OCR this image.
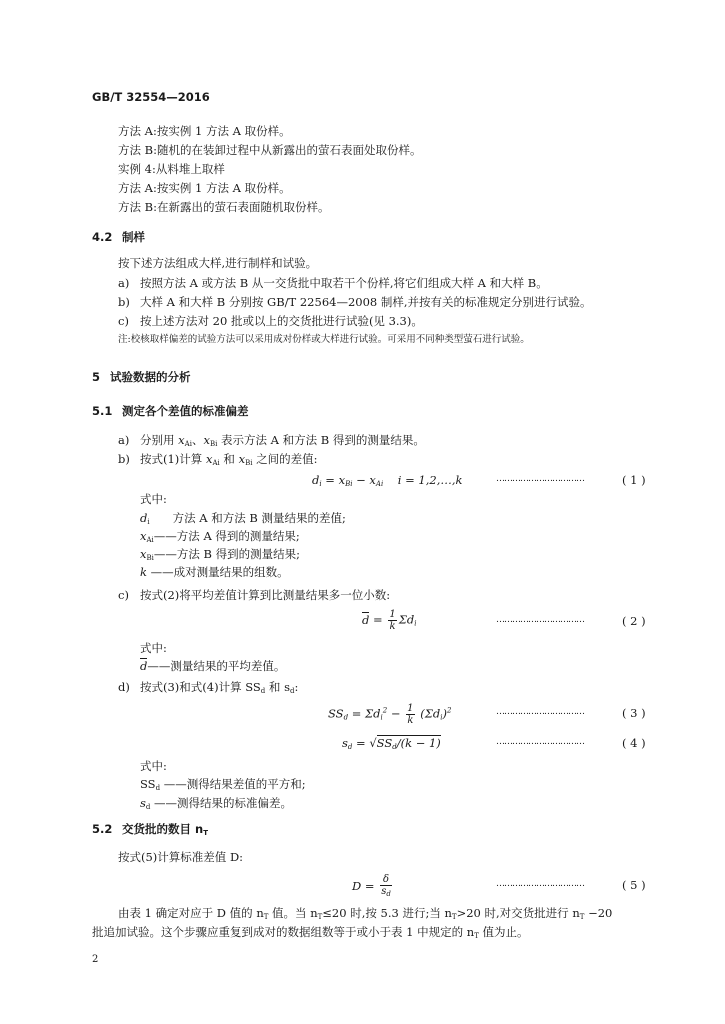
GB/T 32554—2016
方法 A:按实例 1 方法 A 取份样。
方法 B:随机的在装卸过程中从新露出的萤石表面处取份样。
实例 4:从料堆上取样
方法 A:按实例 1 方法 A 取份样。
方法 B:在新露出的萤石表面随机取份样。
4.2 制样
按下述方法组成大样,进行制样和试验。
a) 按照方法 A 或方法 B 从一交货批中取若干个份样,将它们组成大样 A 和大样 B。
b) 大样 A 和大样 B 分别按 GB/T 22564—2008 制样,并按有关的标准规定分别进行试验。
c) 按上述方法对 20 批或以上的交货批进行试验(见 3.3)。
注:校核取样偏差的试验方法可以采用成对份样或大样进行试验。可采用不同种类型萤石进行试验。
5 试验数据的分析
5.1 测定各个差值的标准偏差
a) 分别用 $x_{Ai}$、$x_{Bi}$ 表示方法 A 和方法 B 得到的测量结果。
b) 按式(1)计算 $x_{Ai}$ 和 $x_{Bi}$ 之间的差值:
$d_i = x_{Bi} - x_{Ai}$    i = 1,2,…,k	……………………………	( 1 )
式中:
$d_i$　　 方法 A 和方法 B 测量结果的差值;
$x_{Ai}——$方法 A 得到的测量结果;
$x_{Bi}——$方法 B 得到的测量结果;
k ——成对测量结果的组数。
c) 按式(2)将平均差值计算到比测量结果多一位小数:
$d = \frac{1}{k} \Sigma d_i$	……………………………	( 2 )
式中:
d——测量结果的平均差值。
d) 按式(3)和式(4)计算 $SS_d$ 和 $s_d$:
$SS_d = \Sigma d_i^2 - \frac{1}{k} (\Sigma d_i)^2$	……………………………	( 3 )
$s_d = √SS_d/(k - 1)$	……………………………	( 4 )
式中:
$SS_d$ ——测得结果差值的平方和;
$s_d$ ——测得结果的标准偏差。
5.2 交货批的数目 $n_T$
按式(5)计算标准差值 D:
$D = \frac{\delta}{s_d}$	……………………………	( 5 )
由表 1 确定对应于 D 值的 $n_T$ 值。当 $n_T\le 20$ 时,按 5.3 进行;当 $n_T>20$ 时,对交货批进行 $n_T -20$
批追加试验。这个步骤应重复到成对的数据组数等于或小于表 1 中规定的 $n_T$ 值为止。
2
